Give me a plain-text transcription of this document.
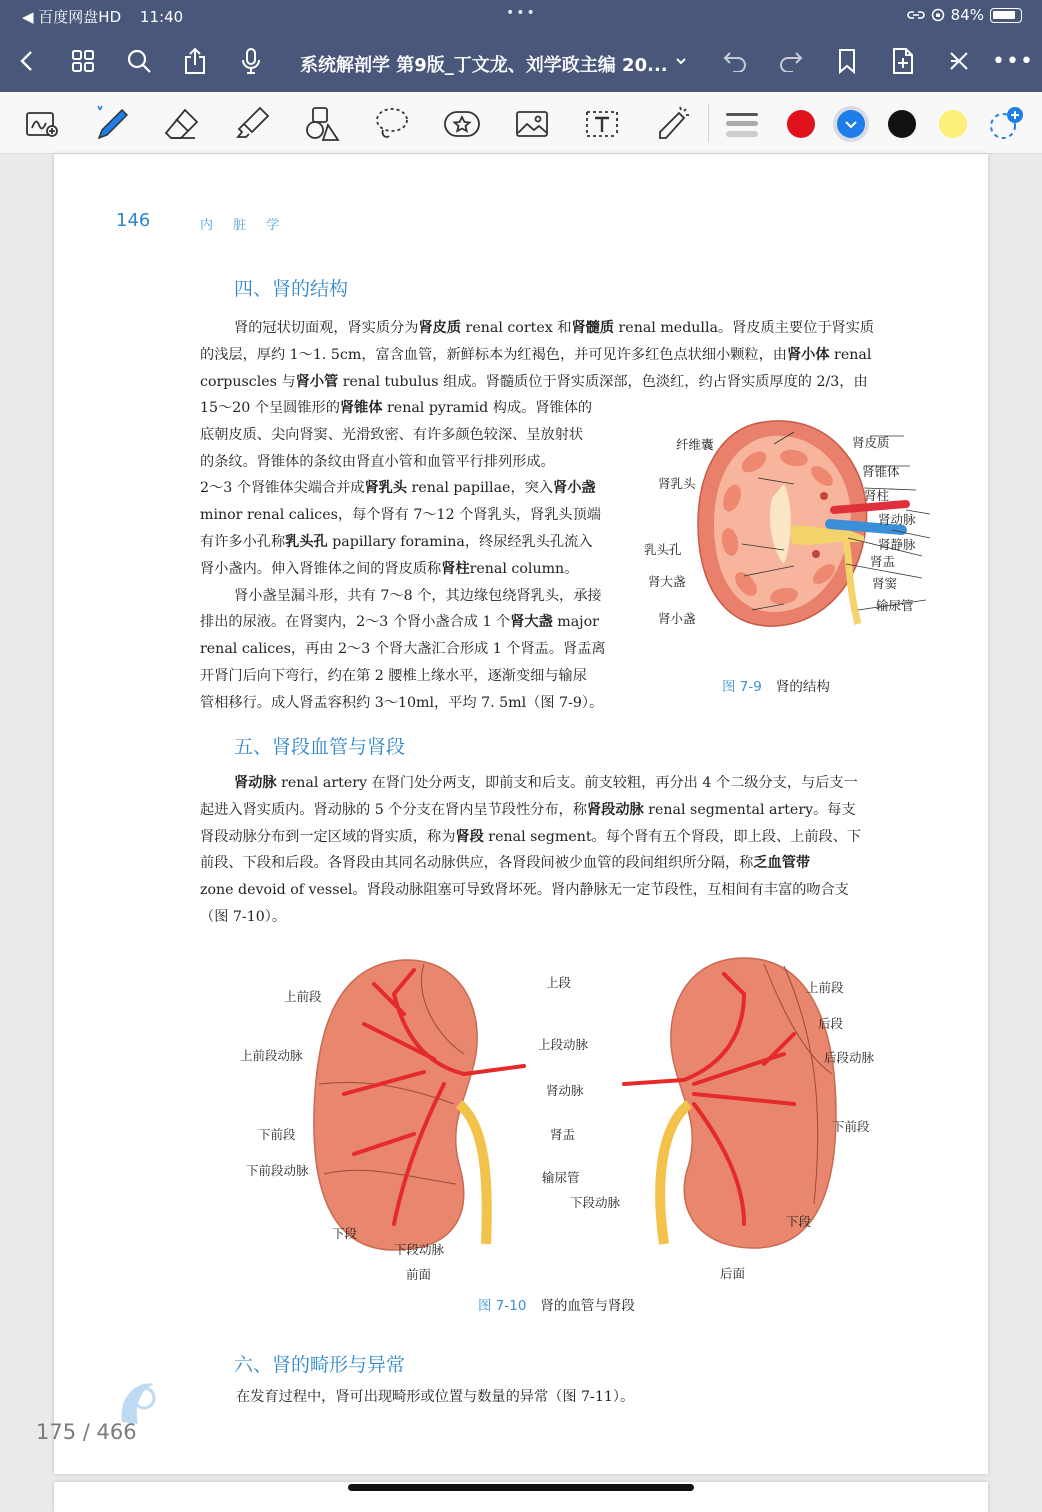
◀ 百度网盘HD 11:40	•••	84%
系统解剖学 第9版_丁文龙、刘学政主编 20...	•••
146	内 脏 学
四、肾的结构

肾的冠状切面观，肾实质分为肾皮质 renal cortex 和肾髓质 renal medulla。肾皮质主要位于肾实质

的浅层，厚约 1～1. 5cm，富含血管，新鲜标本为红褐色，并可见许多红色点状细小颗粒，由肾小体 renal

corpuscles 与肾小管 renal tubulus 组成。肾髓质位于肾实质深部，色淡红，约占肾实质厚度的 2/3，由

15～20 个呈圆锥形的肾锥体 renal pyramid 构成。肾锥体的

底朝皮质、尖向肾窦、光滑致密、有许多颜色较深、呈放射状

的条纹。肾锥体的条纹由肾直小管和血管平行排列形成。

2～3 个肾锥体尖端合并成肾乳头 renal papillae，突入肾小盏

minor renal calices，每个肾有 7～12 个肾乳头，肾乳头顶端

有许多小孔称乳头孔 papillary foramina，终尿经乳头孔流入

肾小盏内。伸入肾锥体之间的肾皮质称肾柱renal column。

肾小盏呈漏斗形，共有 7～8 个，其边缘包绕肾乳头，承接

排出的尿液。在肾窦内，2～3 个肾小盏合成 1 个肾大盏 major

renal calices，再由 2～3 个肾大盏汇合形成 1 个肾盂。肾盂离

开肾门后向下弯行，约在第 2 腰椎上缘水平，逐渐变细与输尿

管相移行。成人肾盂容积约 3～10ml，平均 7. 5ml（图 7-9）。

纤维囊	肾皮质
肾锥体
肾柱
肾乳头
肾动脉
肾静脉
肾盂
乳头孔
肾大盏	肾窦
输尿管
肾小盏
图 7-9 肾的结构
五、肾段血管与肾段

肾动脉 renal artery 在肾门处分两支，即前支和后支。前支较粗，再分出 4 个二级分支，与后支一

起进入肾实质内。肾动脉的 5 个分支在肾内呈节段性分布，称肾段动脉 renal segmental artery。每支

肾段动脉分布到一定区域的肾实质，称为肾段 renal segment。每个肾有五个肾段，即上段、上前段、下

前段、下段和后段。各肾段由其同名动脉供应，各肾段间被少血管的段间组织所分隔，称乏血管带

zone devoid of vessel。肾段动脉阻塞可导致肾坏死。肾内静脉无一定节段性，互相间有丰富的吻合支

（图 7-10）。

上前段
上段
上前段动脉
上段动脉
肾动脉
下前段	肾盂
下前段动脉	输尿管
下段动脉
下段
下段动脉
前面	后面
上前段
后段
后段动脉
下前段
下段
图 7-10 肾的血管与肾段
六、肾的畸形与异常

在发育过程中，肾可出现畸形或位置与数量的异常（图 7-11）。

175 / 466
